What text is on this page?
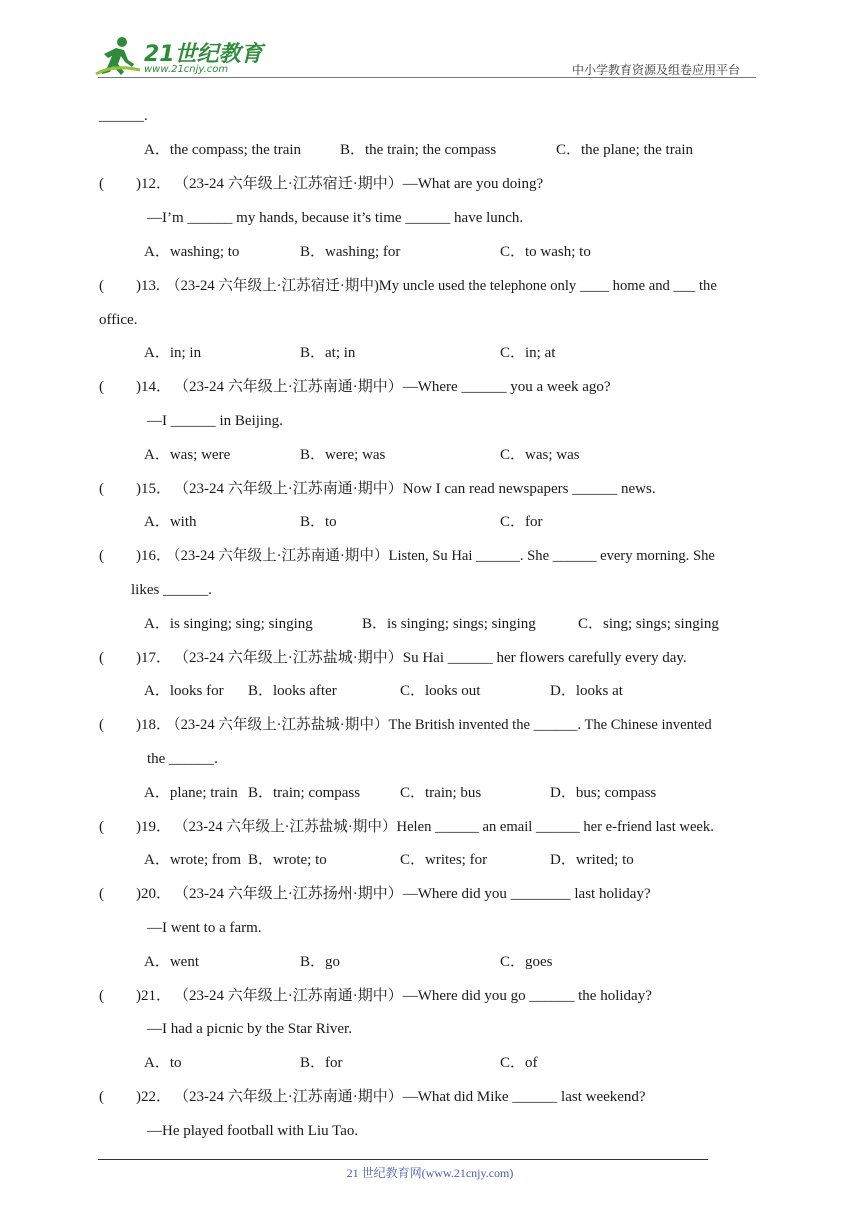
21世纪教育
www.21cnjy.com	中小学教育资源及组卷应用平台
______.
A．the compass; the train	B．the train; the compass	C．the plane; the train
( )12． （23-24 六年级上·江苏宿迁·期中）—What are you doing?
—I’m ______ my hands, because it’s time ______ have lunch.
A．washing; to	B．washing; for	C．to wash; to
( )13. （23-24 六年级上·江苏宿迁·期中)My uncle used the telephone only ____ home and ___ the
office.
A．in; in	B．at; in	C．in; at
( )14． （23-24 六年级上·江苏南通·期中）—Where ______ you a week ago?
—I ______ in Beijing.
A．was; were	B．were; was	C．was; was
( )15． （23-24 六年级上·江苏南通·期中）Now I can read newspapers ______ news.
A．with	B．to	C．for
( )16．
（23-24 六年级上·江苏南通·期中）Listen, Su Hai ______. She ______ every morning. She
likes ______.
A．is singing; sing; singing	B．is singing; sings; singing	C．sing; sings; singing
( )17． （23-24 六年级上·江苏盐城·期中）Su Hai ______ her flowers carefully every day.
A．looks for B．looks after	C．looks out	D．looks at
( )18．
（23-24 六年级上·江苏盐城·期中）The British invented the ______. The Chinese invented
the ______.
A．plane; train B．train; compass	C．train; bus	D．bus; compass
( )19． （23-24 六年级上·江苏盐城·期中）Helen ______ an email ______ her e-friend last week.
A．wrote; from B．wrote; to	C．writes; for	D．writed; to
( )20． （23-24 六年级上·江苏扬州·期中）—Where did you ________ last holiday?
—I went to a farm.
A．went	B．go	C．goes
( )21． （23-24 六年级上·江苏南通·期中）—Where did you go ______ the holiday?
—I had a picnic by the Star River.
A．to	B．for	C．of
( )22． （23-24 六年级上·江苏南通·期中）—What did Mike ______ last weekend?
—He played football with Liu Tao.
21 世纪教育网(www.21cnjy.com)
